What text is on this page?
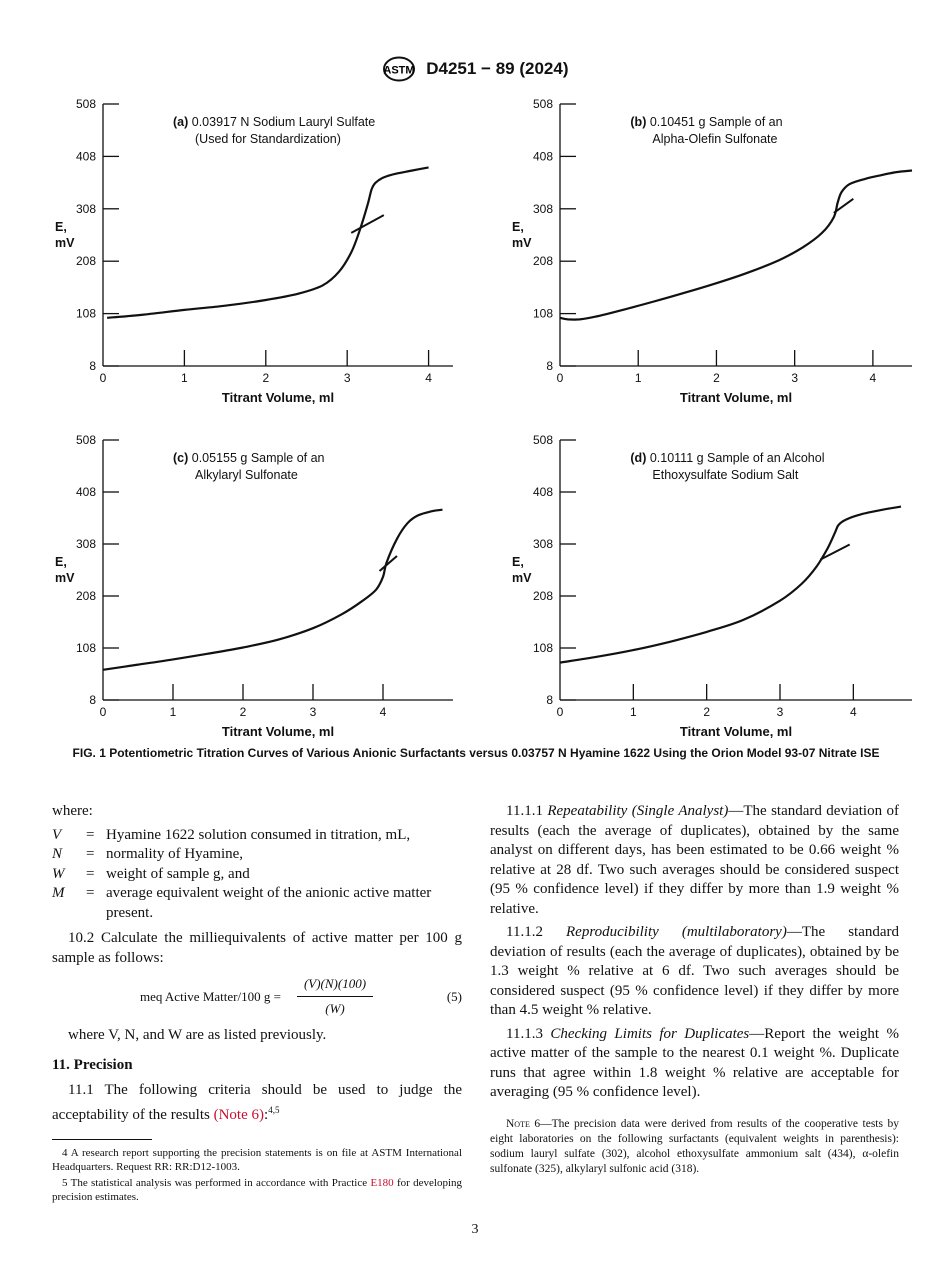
ASTM D4251 − 89 (2024)
8
108
208
308
408
508
0	1	2	3	4
E,
mV
Titrant Volume, ml
(a) 0.03917 N Sodium Lauryl Sulfate
(Used for Standardization)
8
108
208
308
408
508
0	1	2	3	4
E,
mV
Titrant Volume, ml
(b) 0.10451 g Sample of an
Alpha-Olefin Sulfonate
8
108
208
308
408
508
0	1	2	3	4
E,
mV
Titrant Volume, ml
(c) 0.05155 g Sample of an
Alkylaryl Sulfonate
8
108
208
308
408
508
0	1	2	3	4
E,
mV
Titrant Volume, ml
(d) 0.10111 g Sample of an Alcohol
Ethoxysulfate Sodium Salt
FIG. 1 Potentiometric Titration Curves of Various Anionic Surfactants versus 0.03757 N Hyamine 1622 Using the Orion Model 93-07 Nitrate ISE

where:

V	= Hyamine 1622 solution consumed in titration, mL,
N	= normality of Hyamine,
W	= weight of sample g, and
M	= average equivalent weight of the anionic active matter present.

10.2 Calculate the milliequivalents of active matter per 100 g sample as follows:

meq Active Matter/100 $g = \frac{(V)(N)(100)}{(W)}$	(5)

where V, N, and W are as listed previously.

11. Precision

11.1 The following criteria should be used to judge the acceptability of the results (Note 6):$^{4,5}$

4 A research report supporting the precision statements is on file at ASTM International Headquarters. Request RR: RR:D12-1003.

5 The statistical analysis was performed in accordance with Practice E180 for developing precision estimates.

11.1.1 Repeatability (Single Analyst)—The standard deviation of results (each the average of duplicates), obtained by the same analyst on different days, has been estimated to be 0.66 weight % relative at 28 df. Two such averages should be considered suspect (95 % confidence level) if they differ by more than 1.9 weight % relative.

11.1.2 Reproducibility (multilaboratory)—The standard deviation of results (each the average of duplicates), obtained by be 1.3 weight % relative at 6 df. Two such averages should be considered suspect (95 % confidence level) if they differ by more than 4.5 weight % relative.

11.1.3 Checking Limits for Duplicates—Report the weight % active matter of the sample to the nearest 0.1 weight %. Duplicate runs that agree within 1.8 weight % relative are acceptable for averaging (95 % confidence level).

Note 6—The precision data were derived from results of the cooperative tests by eight laboratories on the following surfactants (equivalent weights in parenthesis): sodium lauryl sulfate (302), alcohol ethoxysulfate ammonium salt (434), α-olefin sulfonate (325), alkylaryl sulfonic acid (318).

3
